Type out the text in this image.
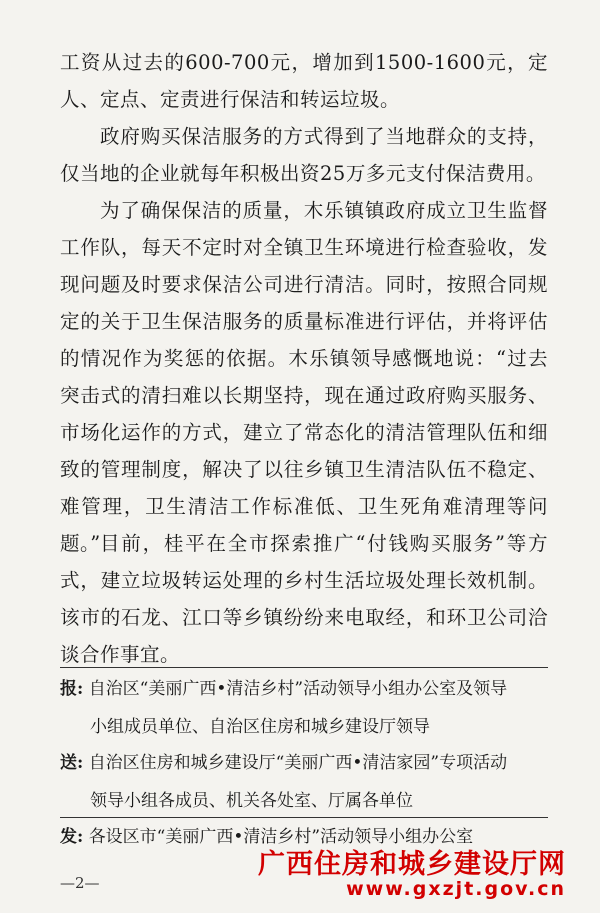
工资从过去的600-700元，增加到1500-1600元，定人、定点、定责进行保洁和转运垃圾。

政府购买保洁服务的方式得到了当地群众的支持，仅当地的企业就每年积极出资25万多元支付保洁费用。

为了确保保洁的质量，木乐镇镇政府成立卫生监督工作队，每天不定时对全镇卫生环境进行检查验收，发现问题及时要求保洁公司进行清洁。同时，按照合同规定的关于卫生保洁服务的质量标准进行评估，并将评估的情况作为奖惩的依据。木乐镇领导感慨地说：“过去突击式的清扫难以长期坚持，现在通过政府购买服务、市场化运作的方式，建立了常态化的清洁管理队伍和细致的管理制度，解决了以往乡镇卫生清洁队伍不稳定、难管理，卫生清洁工作标准低、卫生死角难清理等问题。” 目前，桂平在全市探索推广“付钱购买服务”等方式，建立垃圾转运处理的乡村生活垃圾处理长效机制。该市的石龙、江口等乡镇纷纷来电取经，和环卫公司洽谈合作事宜。

报: 自治区“美丽广西•清洁乡村”活动领导小组办公室及领导

小组成员单位、自治区住房和城乡建设厅领导

送: 自治区住房和城乡建设厅“美丽广西•清洁家园”专项活动

领导小组各成员、机关各处室、厅属各单位

发: 各设区市“美丽广西•清洁乡村”活动领导小组办公室

广西住房和城乡建设厅网
www.gxzjt.gov.cn
—2—
